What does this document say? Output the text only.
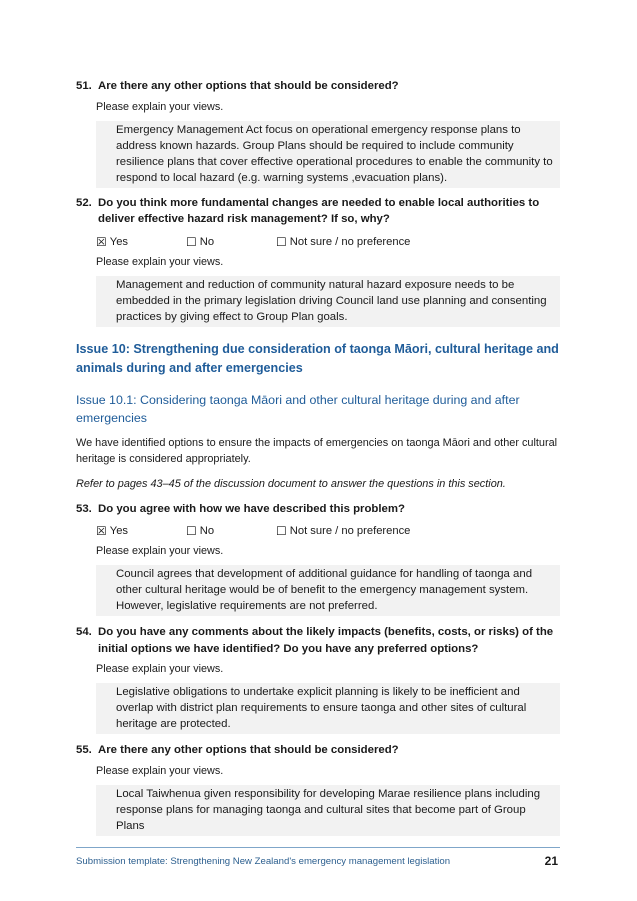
51. Are there any other options that should be considered?
Please explain your views.
Emergency Management Act focus on operational emergency response plans to address known hazards. Group Plans should be required to include community resilience plans that cover effective operational procedures to enable the community to respond to local hazard (e.g. warning systems ,evacuation plans).
52. Do you think more fundamental changes are needed to enable local authorities to deliver effective hazard risk management? If so, why?
☒ Yes	☐ No	☐ Not sure / no preference
Please explain your views.
Management and reduction of community natural hazard exposure needs to be embedded in the primary legislation driving Council land use planning and consenting practices by giving effect to Group Plan goals.
Issue 10: Strengthening due consideration of taonga Māori, cultural heritage and animals during and after emergencies
Issue 10.1: Considering taonga Māori and other cultural heritage during and after emergencies
We have identified options to ensure the impacts of emergencies on taonga Māori and other cultural heritage is considered appropriately.
Refer to pages 43–45 of the discussion document to answer the questions in this section.
53. Do you agree with how we have described this problem?
☒ Yes	☐ No	☐ Not sure / no preference
Please explain your views.
Council agrees that development of additional guidance for handling of taonga and other cultural heritage would be of benefit to the emergency management system. However, legislative requirements are not preferred.
54. Do you have any comments about the likely impacts (benefits, costs, or risks) of the initial options we have identified? Do you have any preferred options?
Please explain your views.
Legislative obligations to undertake explicit planning is likely to be inefficient and overlap with district plan requirements to ensure taonga and other sites of cultural heritage are protected.
55. Are there any other options that should be considered?
Please explain your views.
Local Taiwhenua given responsibility for developing Marae resilience plans including response plans for managing taonga and cultural sites that become part of Group Plans
Submission template: Strengthening New Zealand's emergency management legislation	21
